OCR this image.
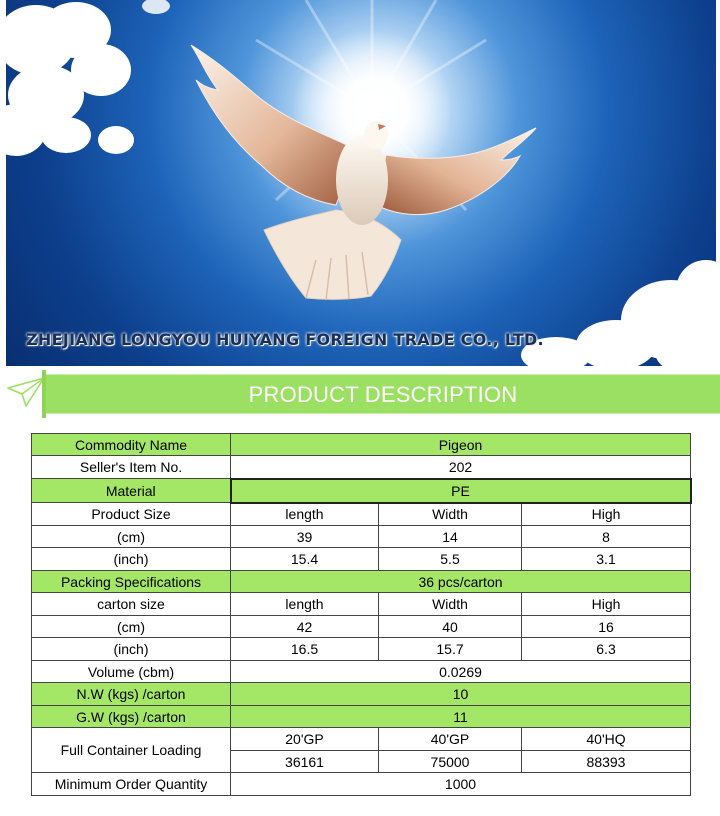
ZHEJIANG LONGYOU HUIYANG FOREIGN TRADE CO., LTD.

PRODUCT DESCRIPTION
Commodity Name	Pigeon		
Seller's Item No.	202		
Material	PE		
Product Size	length	Width	High
(cm)	39	14	8
(inch)	15.4	5.5	3.1
Packing Specifications	36 pcs/carton		
carton size	length	Width	High
(cm)	42	40	16
(inch)	16.5	15.7	6.3
Volume (cbm)	0.0269		
N.W (kgs) /carton	10		
G.W (kgs) /carton	11		
Full Container Loading	20'GP	40'GP	40'HQ
	36161	75000	88393
Minimum Order Quantity	1000		
